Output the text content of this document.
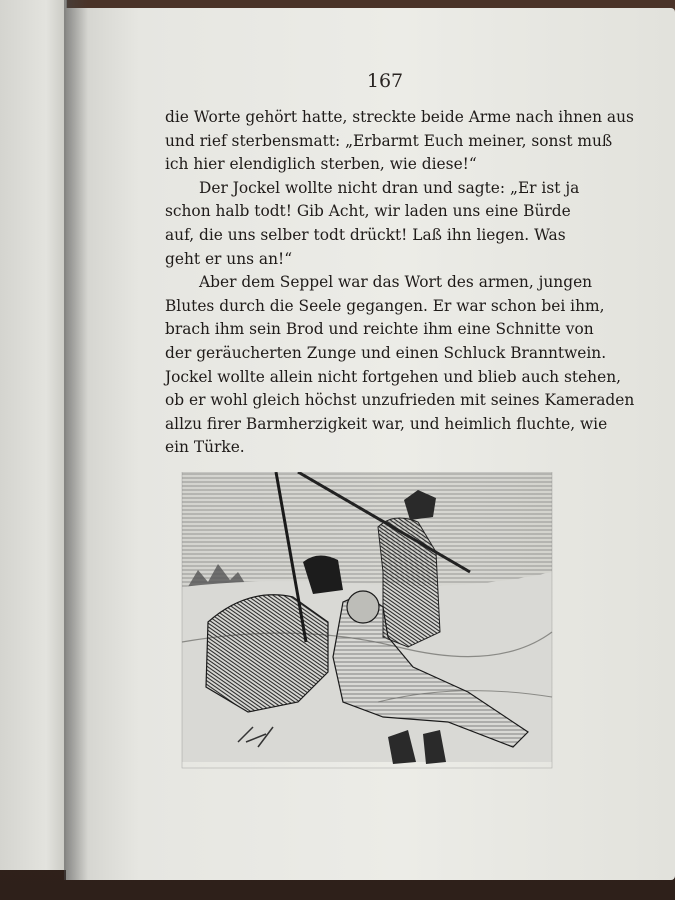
167
die Worte gehört hatte, streckte beide Arme nach ihnen aus
und rief sterbensmatt: „Erbarmt Euch meiner, sonst muß
ich hier elendiglich sterben, wie diese!“
Der Jockel wollte nicht dran und sagte: „Er ist ja
schon halb todt! Gib Acht, wir laden uns eine Bürde
auf, die uns selber todt drückt! Laß ihn liegen. Was
geht er uns an!“
Aber dem Seppel war das Wort des armen, jungen
Blutes durch die Seele gegangen. Er war schon bei ihm,
brach ihm sein Brod und reichte ihm eine Schnitte von
der geräucherten Zunge und einen Schluck Branntwein.
Jockel wollte allein nicht fortgehen und blieb auch stehen,
ob er wohl gleich höchst unzufrieden mit seines Kameraden
allzu firer Barmherzigkeit war, und heimlich fluchte, wie
ein Türke.
